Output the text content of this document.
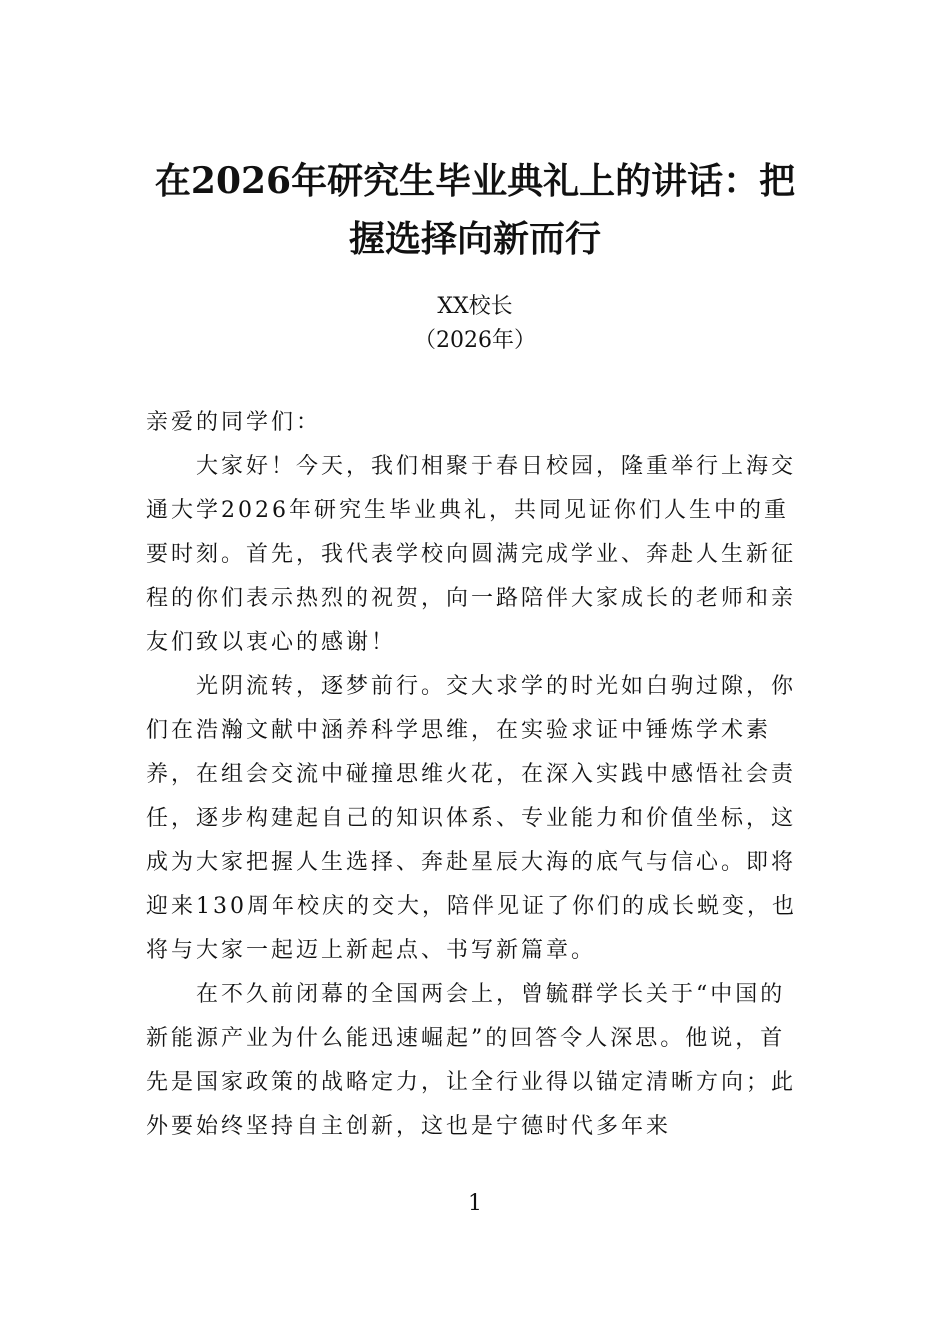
在2026年研究生毕业典礼上的讲话：把握选择向新而行
XX校长
（2026年）

亲爱的同学们：

大家好！今天，我们相聚于春日校园，隆重举行上海交通大学2026年研究生毕业典礼，共同见证你们人生中的重要时刻。首先，我代表学校向圆满完成学业、奔赴人生新征程的你们表示热烈的祝贺，向一路陪伴大家成长的老师和亲友们致以衷心的感谢！

光阴流转，逐梦前行。交大求学的时光如白驹过隙，你们在浩瀚文献中涵养科学思维，在实验求证中锤炼学术素养，在组会交流中碰撞思维火花，在深入实践中感悟社会责任，逐步构建起自己的知识体系、专业能力和价值坐标，这成为大家把握人生选择、奔赴星辰大海的底气与信心。即将迎来130周年校庆的交大，陪伴见证了你们的成长蜕变，也将与大家一起迈上新起点、书写新篇章。

在不久前闭幕的全国两会上，曾毓群学长关于“中国的新能源产业为什么能迅速崛起”的回答令人深思。他说，首先是国家政策的战略定力，让全行业得以锚定清晰方向；此外要始终坚持自主创新，这也是宁德时代多年来

1
